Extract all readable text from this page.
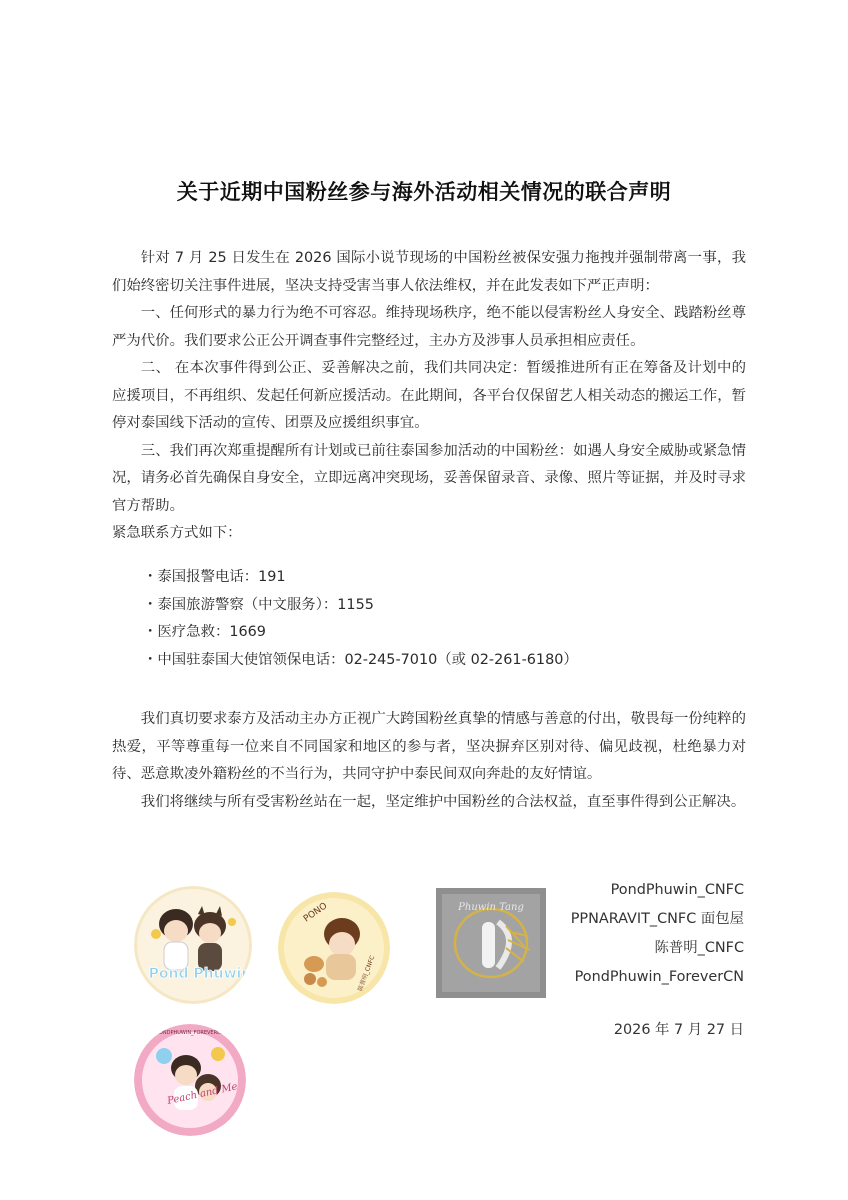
关于近期中国粉丝参与海外活动相关情况的联合声明

针对 7 月 25 日发生在 2026 国际小说节现场的中国粉丝被保安强力拖拽并强制带离一事，我们始终密切关注事件进展，坚决支持受害当事人依法维权，并在此发表如下严正声明：

一、任何形式的暴力行为绝不可容忍。维持现场秩序，绝不能以侵害粉丝人身安全、践踏粉丝尊严为代价。我们要求公正公开调查事件完整经过，主办方及涉事人员承担相应责任。

二、 在本次事件得到公正、妥善解决之前，我们共同决定：暂缓推进所有正在筹备及计划中的应援项目，不再组织、发起任何新应援活动。在此期间，各平台仅保留艺人相关动态的搬运工作，暂停对泰国线下活动的宣传、团票及应援组织事宜。

三、我们再次郑重提醒所有计划或已前往泰国参加活动的中国粉丝：如遇人身安全威胁或紧急情况，请务必首先确保自身安全，立即远离冲突现场，妥善保留录音、录像、照片等证据，并及时寻求官方帮助。

紧急联系方式如下：

・泰国报警电话：191
・泰国旅游警察（中文服务）：1155
・医疗急救：1669
・中国驻泰国大使馆领保电话：02-245-7010（或 02-261-6180）

我们真切要求泰方及活动主办方正视广大跨国粉丝真挚的情感与善意的付出，敬畏每一份纯粹的热爱，平等尊重每一位来自不同国家和地区的参与者，坚决摒弃区别对待、偏见歧视，杜绝暴力对待、恶意欺凌外籍粉丝的不当行为，共同守护中泰民间双向奔赴的友好情谊。

我们将继续与所有受害粉丝站在一起，坚定维护中国粉丝的合法权益，直至事件得到公正解决。

Pond Phuwin
PONO
陈普明_CNFC
Phuwin Tang
Peach and Me
PONDPHUWIN_FOREVERCN
PondPhuwin_CNFC
PPNARAVIT_CNFC 面包屋
陈普明_CNFC
PondPhuwin_ForeverCN
2026 年 7 月 27 日
